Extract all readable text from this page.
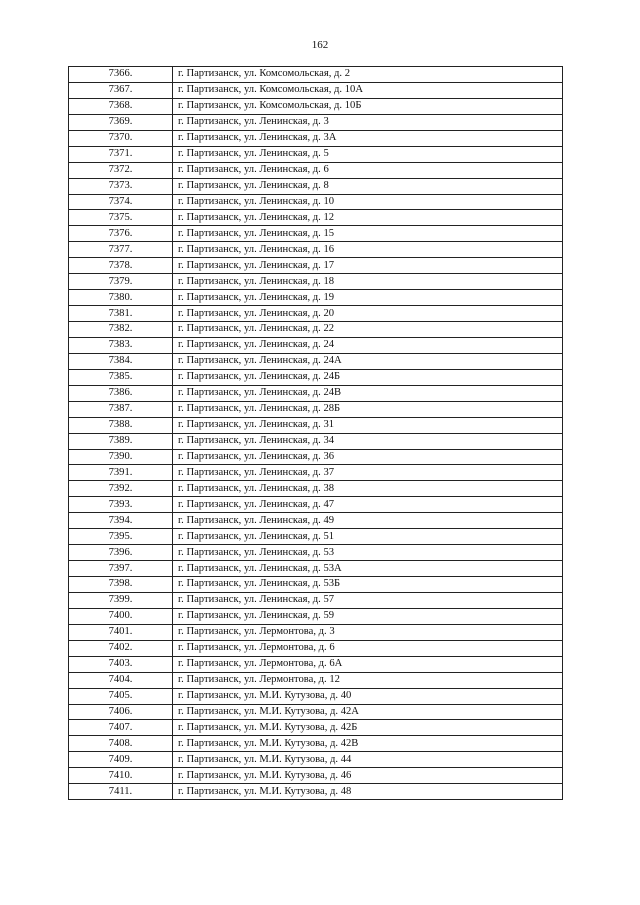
162
7366.	г. Партизанск, ул. Комсомольская, д. 2
7367.	г. Партизанск, ул. Комсомольская, д. 10А
7368.	г. Партизанск, ул. Комсомольская, д. 10Б
7369.	г. Партизанск, ул. Ленинская, д. 3
7370.	г. Партизанск, ул. Ленинская, д. 3А
7371.	г. Партизанск, ул. Ленинская, д. 5
7372.	г. Партизанск, ул. Ленинская, д. 6
7373.	г. Партизанск, ул. Ленинская, д. 8
7374.	г. Партизанск, ул. Ленинская, д. 10
7375.	г. Партизанск, ул. Ленинская, д. 12
7376.	г. Партизанск, ул. Ленинская, д. 15
7377.	г. Партизанск, ул. Ленинская, д. 16
7378.	г. Партизанск, ул. Ленинская, д. 17
7379.	г. Партизанск, ул. Ленинская, д. 18
7380.	г. Партизанск, ул. Ленинская, д. 19
7381.	г. Партизанск, ул. Ленинская, д. 20
7382.	г. Партизанск, ул. Ленинская, д. 22
7383.	г. Партизанск, ул. Ленинская, д. 24
7384.	г. Партизанск, ул. Ленинская, д. 24А
7385.	г. Партизанск, ул. Ленинская, д. 24Б
7386.	г. Партизанск, ул. Ленинская, д. 24В
7387.	г. Партизанск, ул. Ленинская, д. 28Б
7388.	г. Партизанск, ул. Ленинская, д. 31
7389.	г. Партизанск, ул. Ленинская, д. 34
7390.	г. Партизанск, ул. Ленинская, д. 36
7391.	г. Партизанск, ул. Ленинская, д. 37
7392.	г. Партизанск, ул. Ленинская, д. 38
7393.	г. Партизанск, ул. Ленинская, д. 47
7394.	г. Партизанск, ул. Ленинская, д. 49
7395.	г. Партизанск, ул. Ленинская, д. 51
7396.	г. Партизанск, ул. Ленинская, д. 53
7397.	г. Партизанск, ул. Ленинская, д. 53А
7398.	г. Партизанск, ул. Ленинская, д. 53Б
7399.	г. Партизанск, ул. Ленинская, д. 57
7400.	г. Партизанск, ул. Ленинская, д. 59
7401.	г. Партизанск, ул. Лермонтова, д. 3
7402.	г. Партизанск, ул. Лермонтова, д. 6
7403.	г. Партизанск, ул. Лермонтова, д. 6А
7404.	г. Партизанск, ул. Лермонтова, д. 12
7405.	г. Партизанск, ул. М.И. Кутузова, д. 40
7406.	г. Партизанск, ул. М.И. Кутузова, д. 42А
7407.	г. Партизанск, ул. М.И. Кутузова, д. 42Б
7408.	г. Партизанск, ул. М.И. Кутузова, д. 42В
7409.	г. Партизанск, ул. М.И. Кутузова, д. 44
7410.	г. Партизанск, ул. М.И. Кутузова, д. 46
7411.	г. Партизанск, ул. М.И. Кутузова, д. 48
